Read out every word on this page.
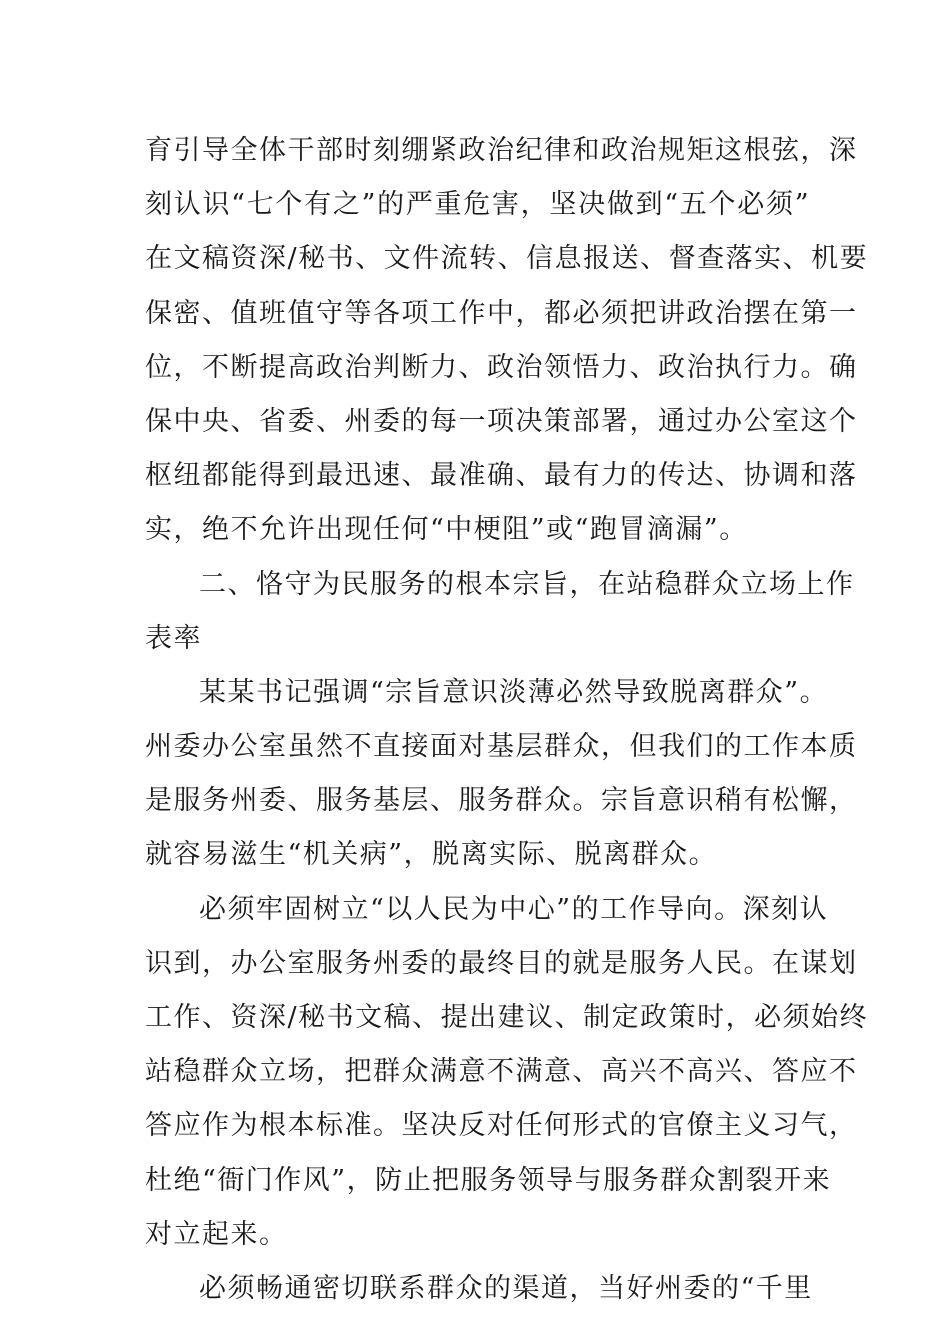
育引导全体干部时刻绷紧政治纪律和政治规矩这根弦，深
刻认识“七个有之”的严重危害，坚决做到“五个必须”
在文稿资深/秘书、文件流转、信息报送、督查落实、机要
保密、值班值守等各项工作中，都必须把讲政治摆在第一
位，不断提高政治判断力、政治领悟力、政治执行力。确
保中央、省委、州委的每一项决策部署，通过办公室这个
枢纽都能得到最迅速、最准确、最有力的传达、协调和落
实，绝不允许出现任何“中梗阻”或“跑冒滴漏”。
二、恪守为民服务的根本宗旨，在站稳群众立场上作
表率
某某书记强调“宗旨意识淡薄必然导致脱离群众”。
州委办公室虽然不直接面对基层群众，但我们的工作本质
是服务州委、服务基层、服务群众。宗旨意识稍有松懈，
就容易滋生“机关病”，脱离实际、脱离群众。
必须牢固树立“以人民为中心”的工作导向。深刻认
识到，办公室服务州委的最终目的就是服务人民。在谋划
工作、资深/秘书文稿、提出建议、制定政策时，必须始终
站稳群众立场，把群众满意不满意、高兴不高兴、答应不
答应作为根本标准。坚决反对任何形式的官僚主义习气，
杜绝“衙门作风”，防止把服务领导与服务群众割裂开来
对立起来。
必须畅通密切联系群众的渠道，当好州委的“千里
